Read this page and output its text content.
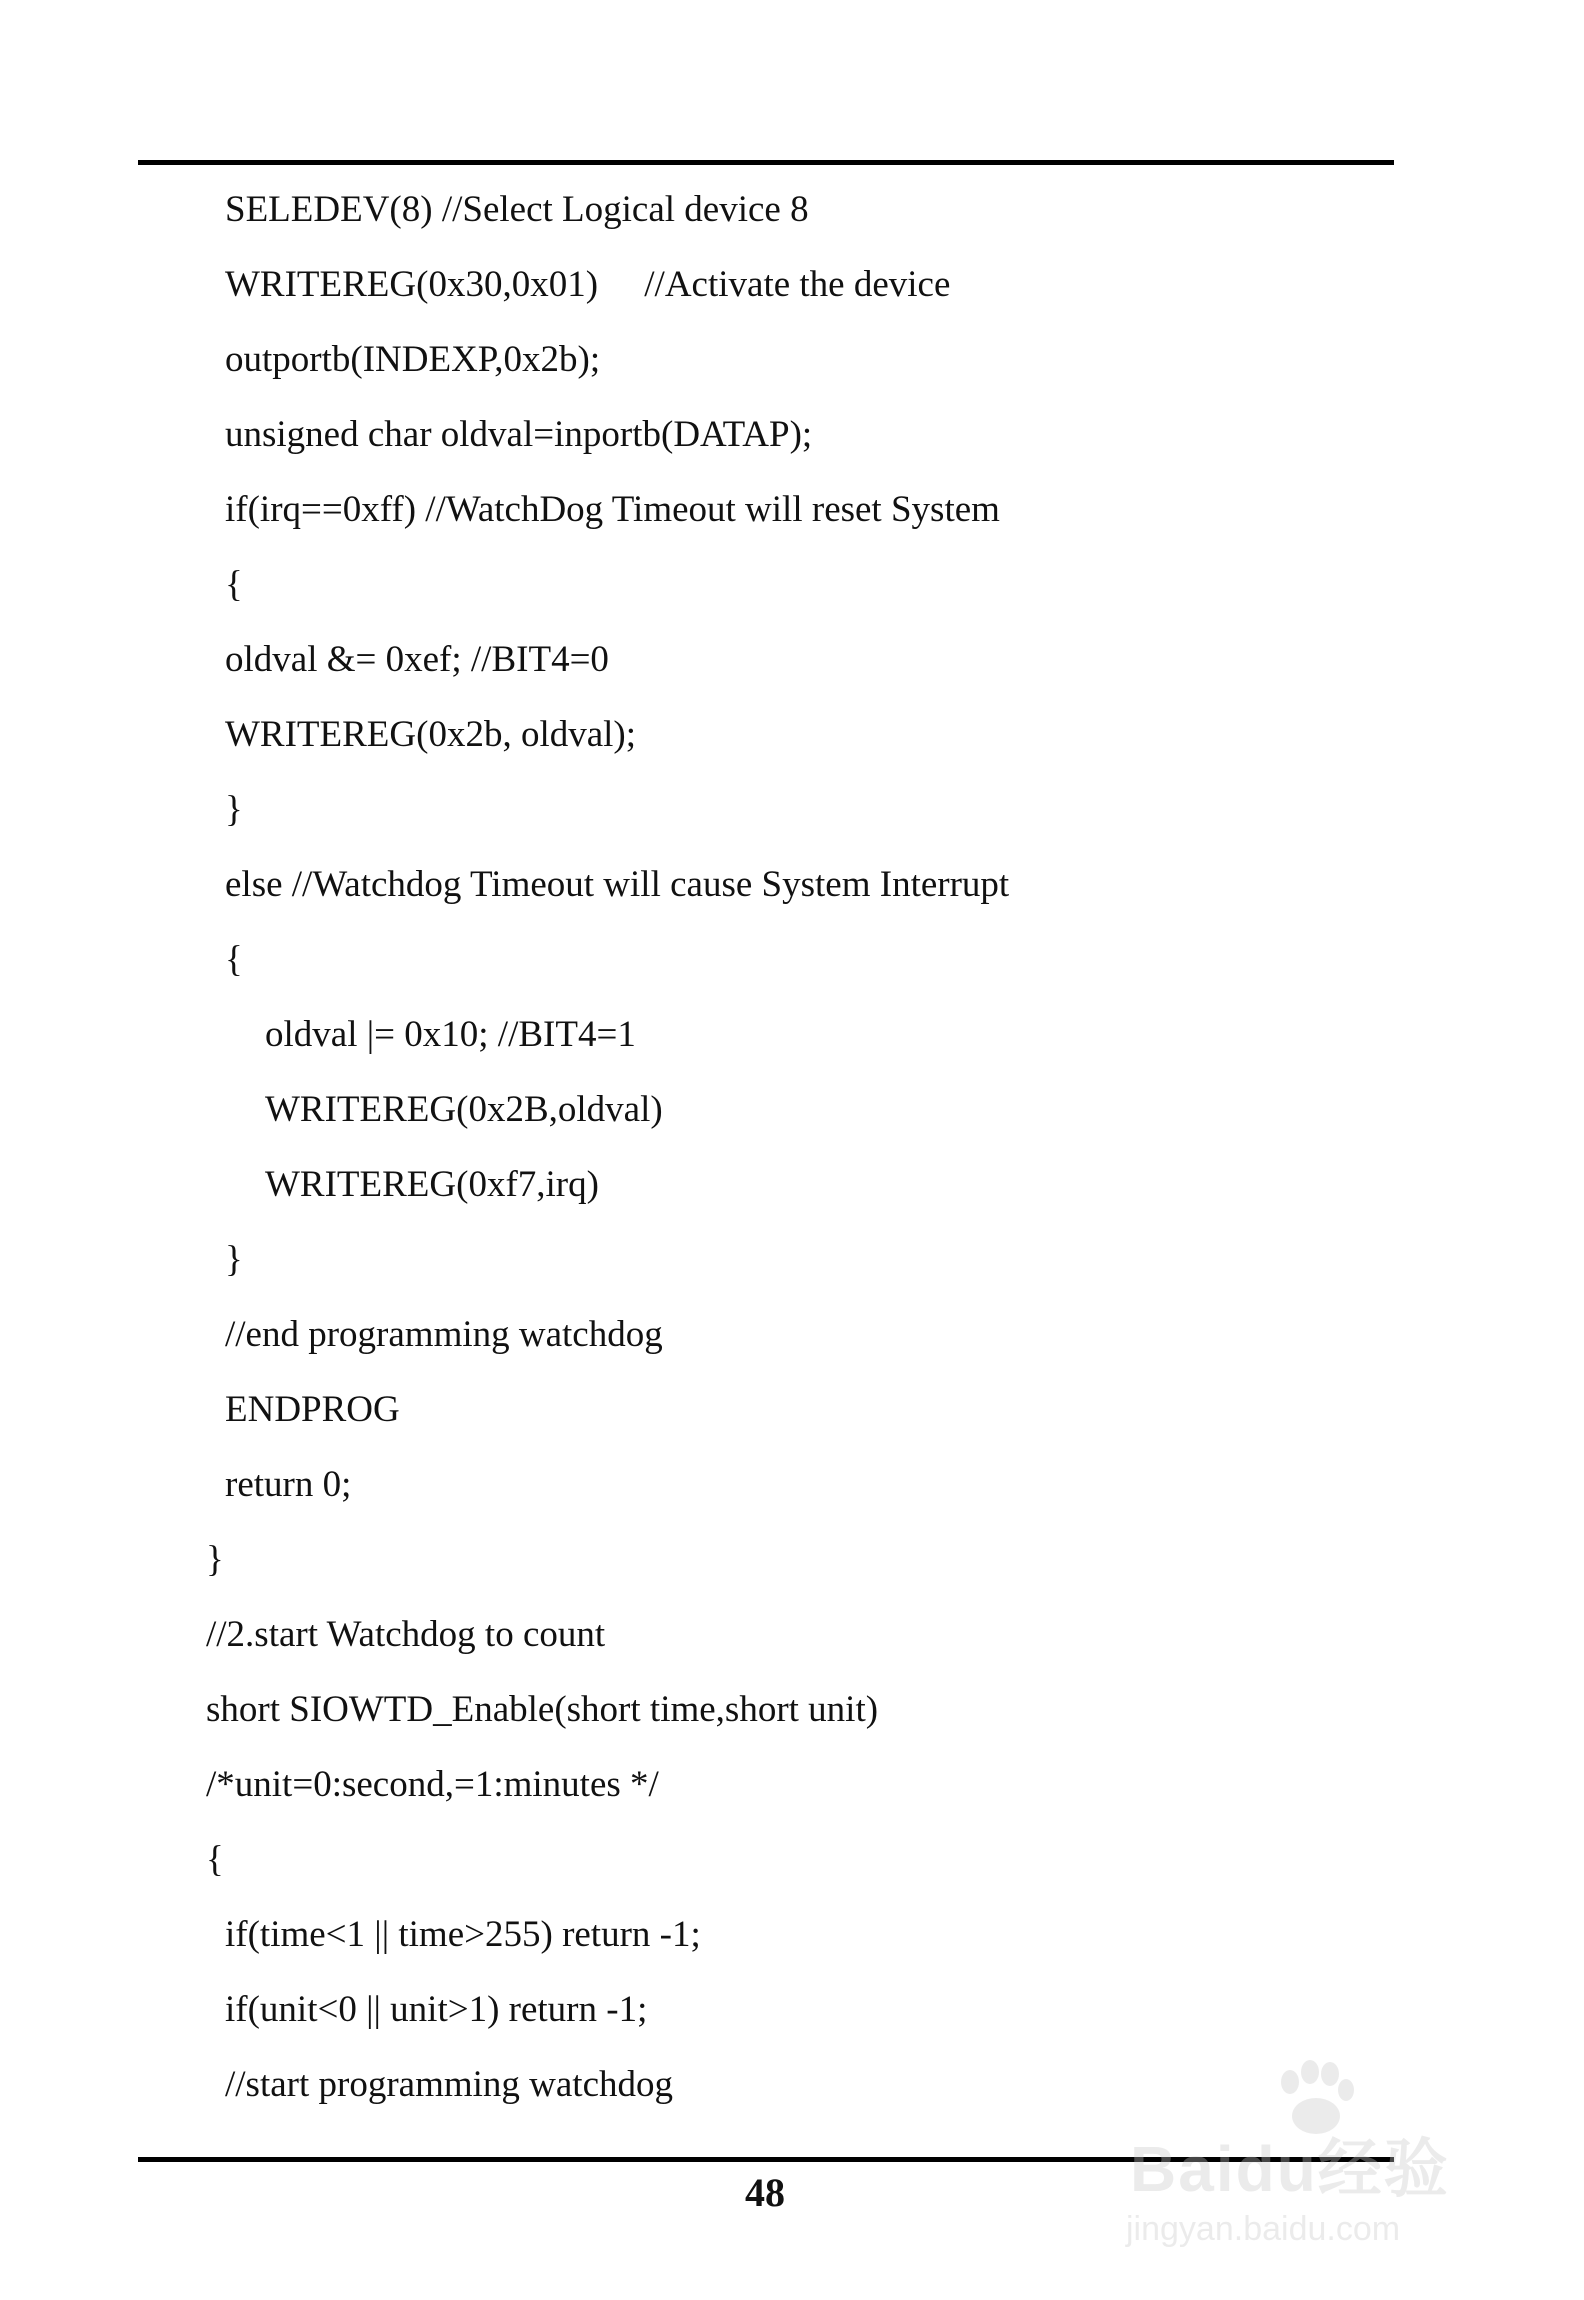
SELEDEV(8) //Select Logical device 8
WRITEREG(0x30,0x01)     //Activate the device
outportb(INDEXP,0x2b);
unsigned char oldval=inportb(DATAP);
if(irq==0xff) //WatchDog Timeout will reset System
{
oldval &= 0xef; //BIT4=0
WRITEREG(0x2b, oldval);
}
else //Watchdog Timeout will cause System Interrupt
{
oldval |= 0x10; //BIT4=1
WRITEREG(0x2B,oldval)
WRITEREG(0xf7,irq)
}
//end programming watchdog
ENDPROG
return 0;
}
//2.start Watchdog to count
short SIOWTD_Enable(short time,short unit)
/*unit=0:second,=1:minutes */
{
if(time<1 || time>255) return -1;
if(unit<0 || unit>1) return -1;
//start programming watchdog
48	Baidu经验
jingyan.baidu.com
